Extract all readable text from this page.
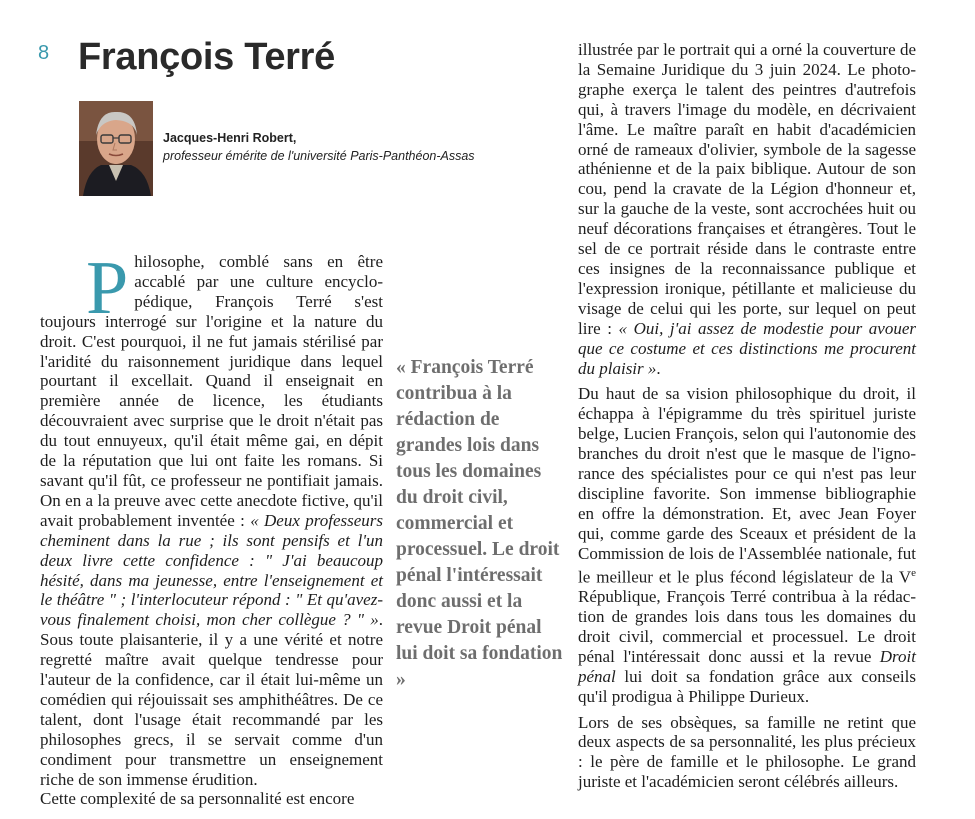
8 François Terré
Jacques-Henri Robert,
professeur émérite de l'université Paris-Panthéon-Assas

Philosophe, comblé sans en être accablé par une culture encyclopédique, François Terré s'est toujours interrogé sur l'origine et la nature du droit. C'est pourquoi, il ne fut jamais stérilisé par l'aridité du raisonnement juridique dans lequel pourtant il excellait. Quand il enseignait en première année de licence, les étudiants découvraient avec surprise que le droit n'était pas du tout ennuyeux, qu'il était même gai, en dépit de la réputation que lui ont faite les romans. Si savant qu'il fût, ce professeur ne pontifiait jamais. On en a la preuve avec cette anecdote fictive, qu'il avait probablement inventée : « Deux professeurs cheminent dans la rue ; ils sont pensifs et l'un deux livre cette confidence : " J'ai beaucoup hésité, dans ma jeunesse, entre l'enseignement et le théâtre " ; l'interlocuteur répond : " Et qu'avez-vous finalement choisi, mon cher collègue ? " ». Sous toute plaisanterie, il y a une vérité et notre regretté maître avait quelque tendresse pour l'auteur de la confidence, car il était lui-même un comédien qui réjouissait ses amphithéâtres. De ce talent, dont l'usage était recommandé par les philosophes grecs, il se servait comme d'un condiment pour transmettre un enseignement riche de son immense érudition.

Cette complexité de sa personnalité est encore

« François Terré contribua à la rédaction de grandes lois dans tous les domaines du droit civil, commercial et processuel. Le droit pénal l'intéressait donc aussi et la revue Droit pénal lui doit sa fondation »

illustrée par le portrait qui a orné la couverture de la Semaine Juridique du 3 juin 2024. Le photographe exerça le talent des peintres d'autrefois qui, à travers l'image du modèle, en décrivaient l'âme. Le maître paraît en habit d'académicien orné de rameaux d'olivier, symbole de la sagesse athénienne et de la paix biblique. Autour de son cou, pend la cravate de la Légion d'honneur et, sur la gauche de la veste, sont accrochées huit ou neuf décorations françaises et étrangères. Tout le sel de ce portrait réside dans le contraste entre ces insignes de la reconnaissance publique et l'expression ironique, pétillante et malicieuse du visage de celui qui les porte, sur lequel on peut lire : « Oui, j'ai assez de modestie pour avouer que ce costume et ces distinctions me procurent du plaisir ».

Du haut de sa vision philosophique du droit, il échappa à l'épigramme du très spirituel juriste belge, Lucien François, selon qui l'autonomie des branches du droit n'est que le masque de l'ignorance des spécialistes pour ce qui n'est pas leur discipline favorite. Son immense bibliographie en offre la démonstration. Et, avec Jean Foyer qui, comme garde des Sceaux et président de la Commission de lois de l'Assemblée nationale, fut le meilleur et le plus fécond législateur de la Ve République, François Terré contribua à la rédaction de grandes lois dans tous les domaines du droit civil, commercial et processuel. Le droit pénal l'intéressait donc aussi et la revue Droit pénal lui doit sa fondation grâce aux conseils qu'il prodigua à Philippe Durieux.

Lors de ses obsèques, sa famille ne retint que deux aspects de sa personnalité, les plus précieux : le père de famille et le philosophe. Le grand juriste et l'académicien seront célébrés ailleurs.
